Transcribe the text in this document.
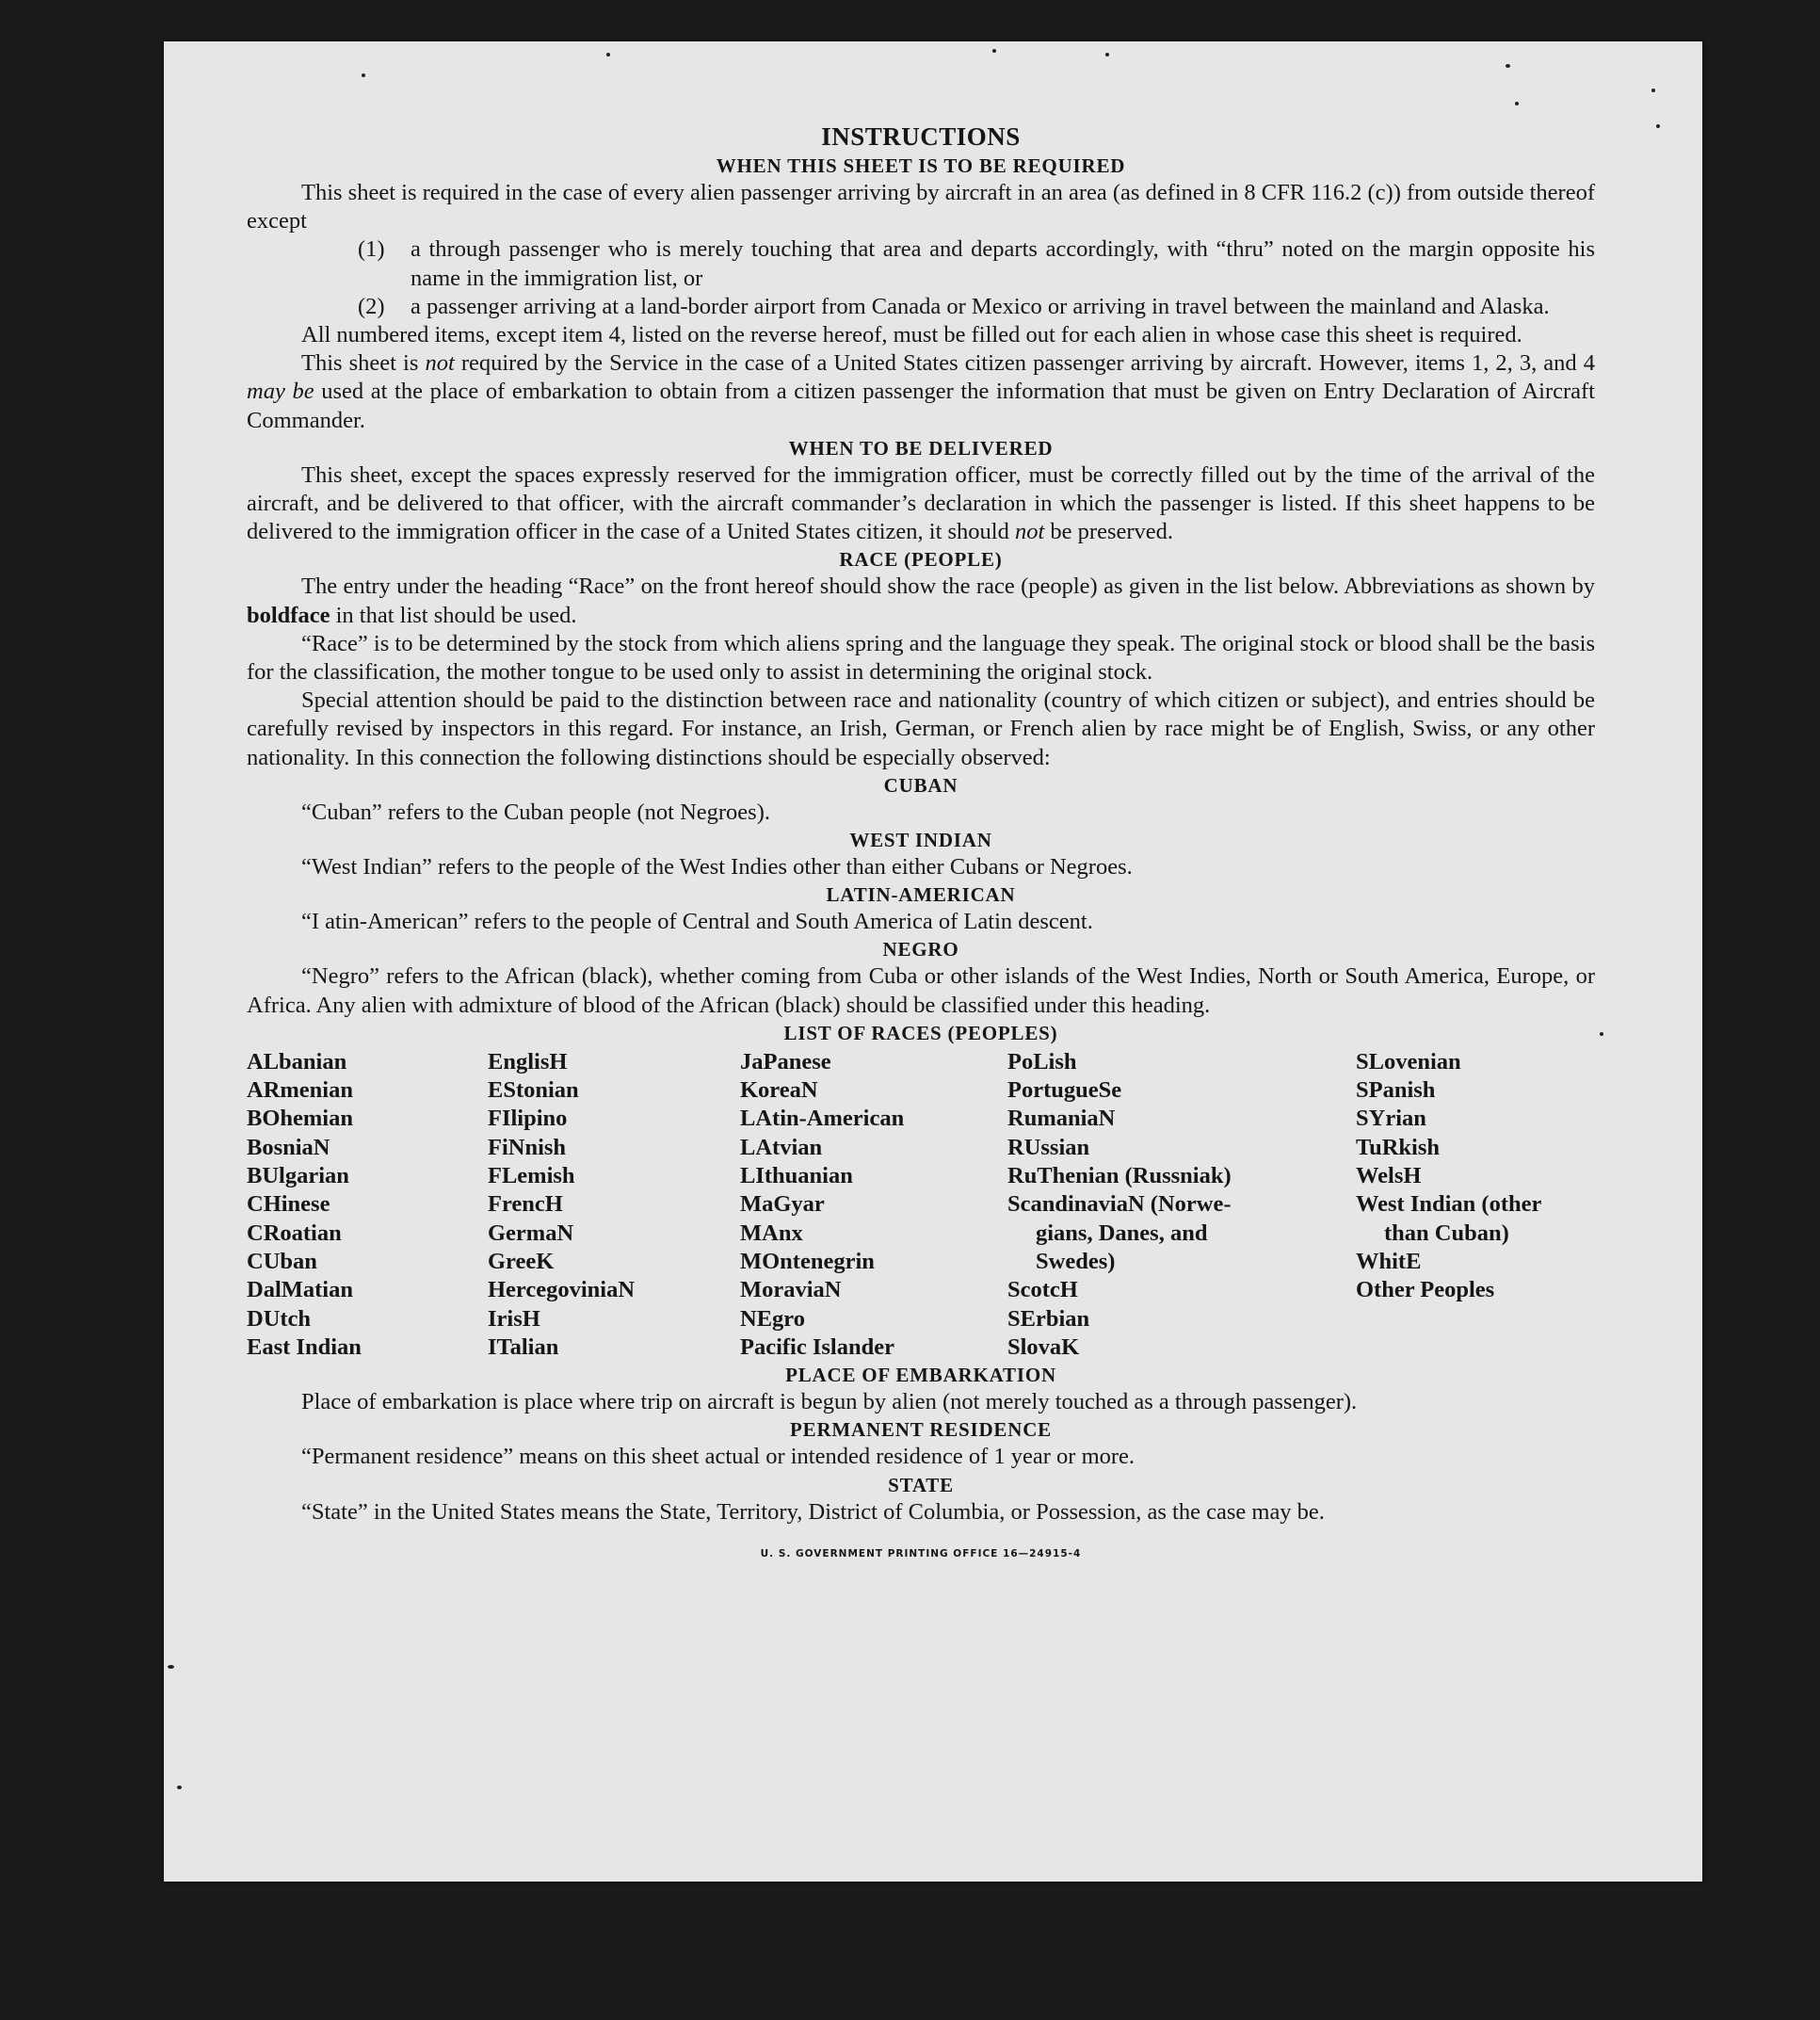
INSTRUCTIONS
WHEN THIS SHEET IS TO BE REQUIRED

This sheet is required in the case of every alien passenger arriving by aircraft in an area (as defined in 8 CFR 116.2 (c)) from outside thereof except

(1)	a through passenger who is merely touching that area and departs accordingly, with “thru” noted on the margin opposite his name in the immigration list, or
(2)	a passenger arriving at a land-border airport from Canada or Mexico or arriving in travel between the mainland and Alaska.

All numbered items, except item 4, listed on the reverse hereof, must be filled out for each alien in whose case this sheet is required.

This sheet is not required by the Service in the case of a United States citizen passenger arriving by aircraft. However, items 1, 2, 3, and 4 may be used at the place of embarkation to obtain from a citizen passenger the information that must be given on Entry Declaration of Aircraft Commander.

WHEN TO BE DELIVERED

This sheet, except the spaces expressly reserved for the immigration officer, must be correctly filled out by the time of the arrival of the aircraft, and be delivered to that officer, with the aircraft commander’s declaration in which the passenger is listed. If this sheet happens to be delivered to the immigration officer in the case of a United States citizen, it should not be preserved.

RACE (PEOPLE)

The entry under the heading “Race” on the front hereof should show the race (people) as given in the list below. Abbreviations as shown by boldface in that list should be used.

“Race” is to be determined by the stock from which aliens spring and the language they speak. The original stock or blood shall be the basis for the classification, the mother tongue to be used only to assist in determining the original stock.

Special attention should be paid to the distinction between race and nationality (country of which citizen or subject), and entries should be carefully revised by inspectors in this regard. For instance, an Irish, German, or French alien by race might be of English, Swiss, or any other nationality. In this connection the following distinctions should be especially observed:

CUBAN

“Cuban” refers to the Cuban people (not Negroes).

WEST INDIAN

“West Indian” refers to the people of the West Indies other than either Cubans or Negroes.

LATIN-AMERICAN

“I atin-American” refers to the people of Central and South America of Latin descent.

NEGRO

“Negro” refers to the African (black), whether coming from Cuba or other islands of the West Indies, North or South America, Europe, or Africa. Any alien with admixture of blood of the African (black) should be classified under this heading.

LIST OF RACES (PEOPLES)
ALbanian
ARmenian
BOhemian
BosniaN
BUlgarian
CHinese
CRoatian
CUban
DalMatian
DUtch
East Indian
EnglisH
EStonian
FIlipino
FiNnish
FLemish
FrencH
GermaN
GreeK
HercegoviniaN
IrisH
ITalian
JaPanese
KoreaN
LAtin-American
LAtvian
LIthuanian
MaGyar
MAnx
MOntenegrin
MoraviaN
NEgro
Pacific Islander
PoLish
PortugueSe
RumaniaN
RUssian
RuThenian (Russniak)
ScandinaviaN (Norwe-
gians, Danes, and
Swedes)
ScotcH
SErbian
SlovaK
SLovenian
SPanish
SYrian
TuRkish
WelsH
West Indian (other
than Cuban)
WhitE
Other Peoples
PLACE OF EMBARKATION

Place of embarkation is place where trip on aircraft is begun by alien (not merely touched as a through passenger).

PERMANENT RESIDENCE

“Permanent residence” means on this sheet actual or intended residence of 1 year or more.

STATE

“State” in the United States means the State, Territory, District of Columbia, or Possession, as the case may be.

U. S. GOVERNMENT PRINTING OFFICE 16—24915-4
